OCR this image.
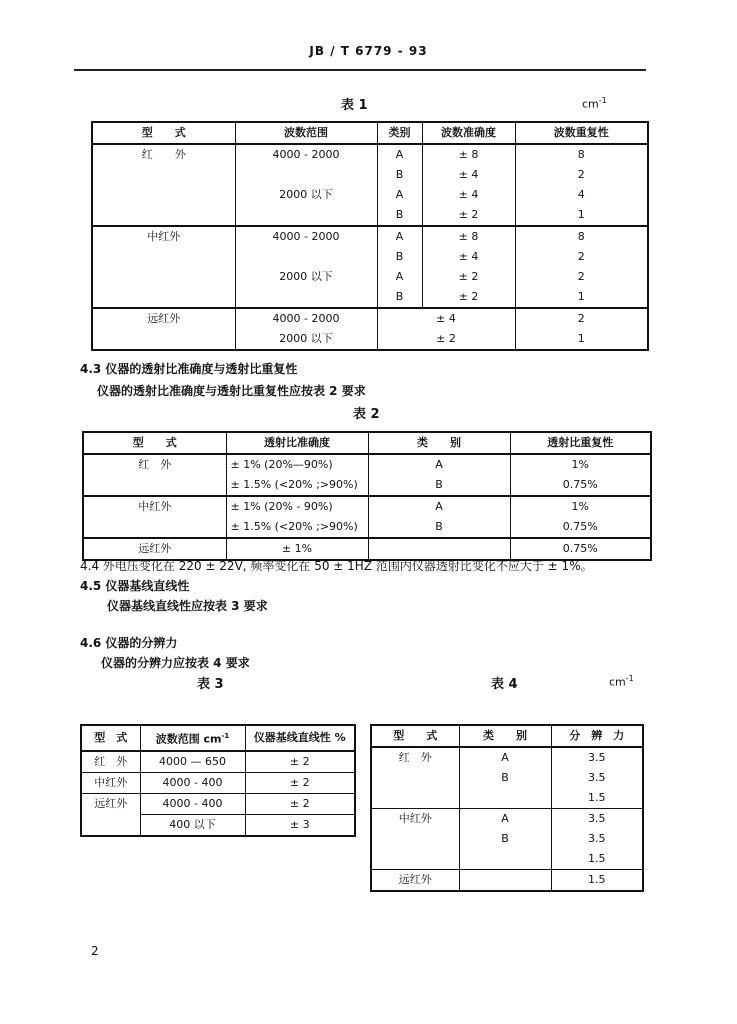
JB / T 6779 - 93
表 1	$cm^{-1}$
型　　式	波数范围	类别	波数准确度	波数重复性
红　　外	4000 - 2000	A	± 8	8
		B	± 4	2
	2000 以下	A	± 4	4
		B	± 2	1
中红外	4000 - 2000	A	± 8	8
		B	± 4	2
	2000 以下	A	± 2	2
		B	± 2	1
远红外	4000 - 2000	± 4		2
	2000 以下	± 2		1
4.3 仪器的透射比准确度与透射比重复性
仪器的透射比准确度与透射比重复性应按表 2 要求
表 2
型　　式	透射比准确度	类　　别	透射比重复性
红　外	± 1% (20%—90%)	A	1%
	± 1.5% (<20% ;>90%)	B	0.75%
中红外	± 1% (20% - 90%)	A	1%
	± 1.5% (<20% ;>90%)	B	0.75%
远红外	± 1%		0.75%
4.4 外电压变化在 220 ± 22V, 频率变化在 50 ± 1HZ 范围内仪器透射比变化不应大于 ± 1%。
4.5 仪器基线直线性
仪器基线直线性应按表 3 要求
4.6 仪器的分辨力
仪器的分辨力应按表 4 要求
表 3	表 4	$cm^{-1}$
型　式	波数范围 $cm^{-1}$	仪器基线直线性 %
红　外	4000 — 650	± 2
中红外	4000 - 400	± 2
远红外	4000 - 400	± 2
	400 以下	± 3
型　　式	类　　别	分　辨　力
红　外	A	3.5
	B	3.5
		1.5
中红外	A	3.5
	B	3.5
		1.5
远红外		1.5
2
